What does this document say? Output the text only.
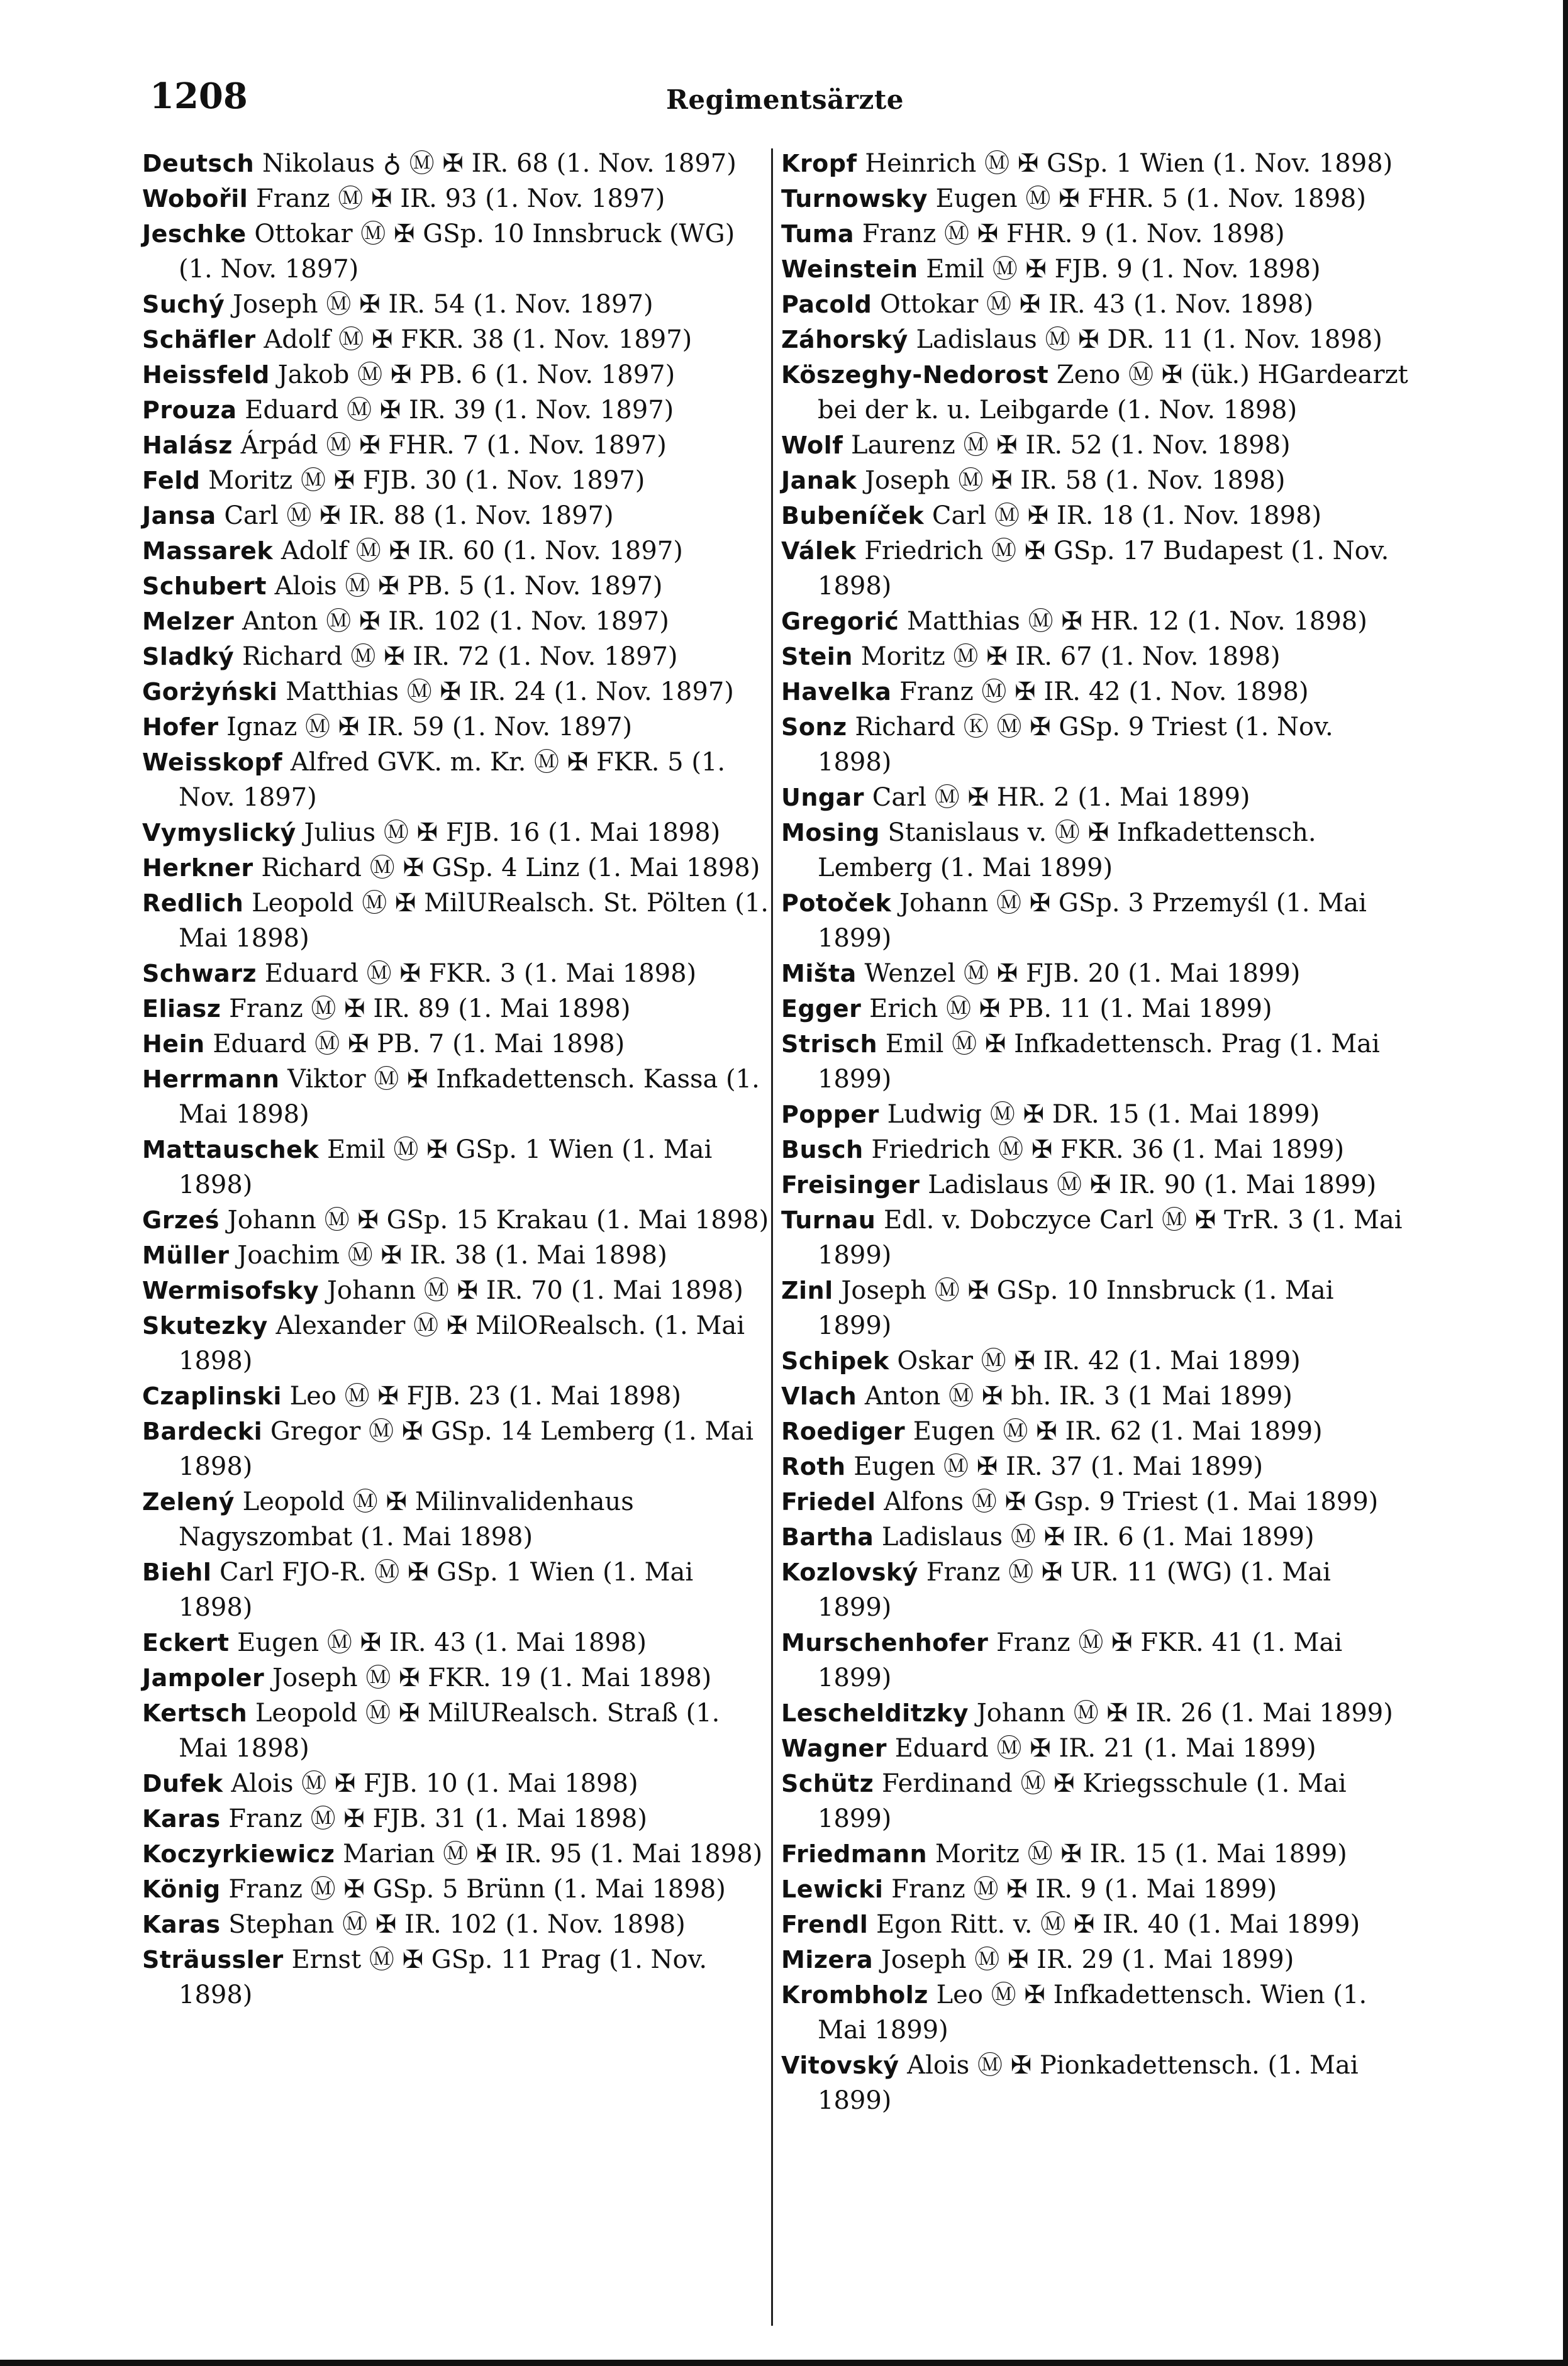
1208	Regimentsärzte

Deutsch Nikolaus ♁ Ⓜ ✠ IR. 68 (1. Nov. 1897)

Wobořil Franz Ⓜ ✠ IR. 93 (1. Nov. 1897)

Jeschke Ottokar Ⓜ ✠ GSp. 10 Innsbruck (WG) (1. Nov. 1897)

Suchý Joseph Ⓜ ✠ IR. 54 (1. Nov. 1897)

Schäfler Adolf Ⓜ ✠ FKR. 38 (1. Nov. 1897)

Heissfeld Jakob Ⓜ ✠ PB. 6 (1. Nov. 1897)

Prouza Eduard Ⓜ ✠ IR. 39 (1. Nov. 1897)

Halász Árpád Ⓜ ✠ FHR. 7 (1. Nov. 1897)

Feld Moritz Ⓜ ✠ FJB. 30 (1. Nov. 1897)

Jansa Carl Ⓜ ✠ IR. 88 (1. Nov. 1897)

Massarek Adolf Ⓜ ✠ IR. 60 (1. Nov. 1897)

Schubert Alois Ⓜ ✠ PB. 5 (1. Nov. 1897)

Melzer Anton Ⓜ ✠ IR. 102 (1. Nov. 1897)

Sladký Richard Ⓜ ✠ IR. 72 (1. Nov. 1897)

Gorżyński Matthias Ⓜ ✠ IR. 24 (1. Nov. 1897)

Hofer Ignaz Ⓜ ✠ IR. 59 (1. Nov. 1897)

Weisskopf Alfred GVK. m. Kr. Ⓜ ✠ FKR. 5 (1. Nov. 1897)

Vymyslický Julius Ⓜ ✠ FJB. 16 (1. Mai 1898)

Herkner Richard Ⓜ ✠ GSp. 4 Linz (1. Mai 1898)

Redlich Leopold Ⓜ ✠ MilURealsch. St. Pölten (1. Mai 1898)

Schwarz Eduard Ⓜ ✠ FKR. 3 (1. Mai 1898)

Eliasz Franz Ⓜ ✠ IR. 89 (1. Mai 1898)

Hein Eduard Ⓜ ✠ PB. 7 (1. Mai 1898)

Herrmann Viktor Ⓜ ✠ Infkadettensch. Kassa (1. Mai 1898)

Mattauschek Emil Ⓜ ✠ GSp. 1 Wien (1. Mai 1898)

Grześ Johann Ⓜ ✠ GSp. 15 Krakau (1. Mai 1898)

Müller Joachim Ⓜ ✠ IR. 38 (1. Mai 1898)

Wermisofsky Johann Ⓜ ✠ IR. 70 (1. Mai 1898)

Skutezky Alexander Ⓜ ✠ MilORealsch. (1. Mai 1898)

Czaplinski Leo Ⓜ ✠ FJB. 23 (1. Mai 1898)

Bardecki Gregor Ⓜ ✠ GSp. 14 Lemberg (1. Mai 1898)

Zelený Leopold Ⓜ ✠ Milinvalidenhaus Nagyszombat (1. Mai 1898)

Biehl Carl FJO-R. Ⓜ ✠ GSp. 1 Wien (1. Mai 1898)

Eckert Eugen Ⓜ ✠ IR. 43 (1. Mai 1898)

Jampoler Joseph Ⓜ ✠ FKR. 19 (1. Mai 1898)

Kertsch Leopold Ⓜ ✠ MilURealsch. Straß (1. Mai 1898)

Dufek Alois Ⓜ ✠ FJB. 10 (1. Mai 1898)

Karas Franz Ⓜ ✠ FJB. 31 (1. Mai 1898)

Koczyrkiewicz Marian Ⓜ ✠ IR. 95 (1. Mai 1898)

König Franz Ⓜ ✠ GSp. 5 Brünn (1. Mai 1898)

Karas Stephan Ⓜ ✠ IR. 102 (1. Nov. 1898)

Sträussler Ernst Ⓜ ✠ GSp. 11 Prag (1. Nov. 1898)

Kropf Heinrich Ⓜ ✠ GSp. 1 Wien (1. Nov. 1898)

Turnowsky Eugen Ⓜ ✠ FHR. 5 (1. Nov. 1898)

Tuma Franz Ⓜ ✠ FHR. 9 (1. Nov. 1898)

Weinstein Emil Ⓜ ✠ FJB. 9 (1. Nov. 1898)

Pacold Ottokar Ⓜ ✠ IR. 43 (1. Nov. 1898)

Záhorský Ladislaus Ⓜ ✠ DR. 11 (1. Nov. 1898)

Köszeghy-Nedorost Zeno Ⓜ ✠ (ük.) HGardearzt bei der k. u. Leibgarde (1. Nov. 1898)

Wolf Laurenz Ⓜ ✠ IR. 52 (1. Nov. 1898)

Janak Joseph Ⓜ ✠ IR. 58 (1. Nov. 1898)

Bubeníček Carl Ⓜ ✠ IR. 18 (1. Nov. 1898)

Válek Friedrich Ⓜ ✠ GSp. 17 Budapest (1. Nov. 1898)

Gregorić Matthias Ⓜ ✠ HR. 12 (1. Nov. 1898)

Stein Moritz Ⓜ ✠ IR. 67 (1. Nov. 1898)

Havelka Franz Ⓜ ✠ IR. 42 (1. Nov. 1898)

Sonz Richard Ⓚ Ⓜ ✠ GSp. 9 Triest (1. Nov. 1898)

Ungar Carl Ⓜ ✠ HR. 2 (1. Mai 1899)

Mosing Stanislaus v. Ⓜ ✠ Infkadettensch. Lemberg (1. Mai 1899)

Potoček Johann Ⓜ ✠ GSp. 3 Przemyśl (1. Mai 1899)

Mišta Wenzel Ⓜ ✠ FJB. 20 (1. Mai 1899)

Egger Erich Ⓜ ✠ PB. 11 (1. Mai 1899)

Strisch Emil Ⓜ ✠ Infkadettensch. Prag (1. Mai 1899)

Popper Ludwig Ⓜ ✠ DR. 15 (1. Mai 1899)

Busch Friedrich Ⓜ ✠ FKR. 36 (1. Mai 1899)

Freisinger Ladislaus Ⓜ ✠ IR. 90 (1. Mai 1899)

Turnau Edl. v. Dobczyce Carl Ⓜ ✠ TrR. 3 (1. Mai 1899)

Zinl Joseph Ⓜ ✠ GSp. 10 Innsbruck (1. Mai 1899)

Schipek Oskar Ⓜ ✠ IR. 42 (1. Mai 1899)

Vlach Anton Ⓜ ✠ bh. IR. 3 (1 Mai 1899)

Roediger Eugen Ⓜ ✠ IR. 62 (1. Mai 1899)

Roth Eugen Ⓜ ✠ IR. 37 (1. Mai 1899)

Friedel Alfons Ⓜ ✠ Gsp. 9 Triest (1. Mai 1899)

Bartha Ladislaus Ⓜ ✠ IR. 6 (1. Mai 1899)

Kozlovský Franz Ⓜ ✠ UR. 11 (WG) (1. Mai 1899)

Murschenhofer Franz Ⓜ ✠ FKR. 41 (1. Mai 1899)

Leschelditzky Johann Ⓜ ✠ IR. 26 (1. Mai 1899)

Wagner Eduard Ⓜ ✠ IR. 21 (1. Mai 1899)

Schütz Ferdinand Ⓜ ✠ Kriegsschule (1. Mai 1899)

Friedmann Moritz Ⓜ ✠ IR. 15 (1. Mai 1899)

Lewicki Franz Ⓜ ✠ IR. 9 (1. Mai 1899)

Frendl Egon Ritt. v. Ⓜ ✠ IR. 40 (1. Mai 1899)

Mizera Joseph Ⓜ ✠ IR. 29 (1. Mai 1899)

Krombholz Leo Ⓜ ✠ Infkadettensch. Wien (1. Mai 1899)

Vitovský Alois Ⓜ ✠ Pionkadettensch. (1. Mai 1899)
